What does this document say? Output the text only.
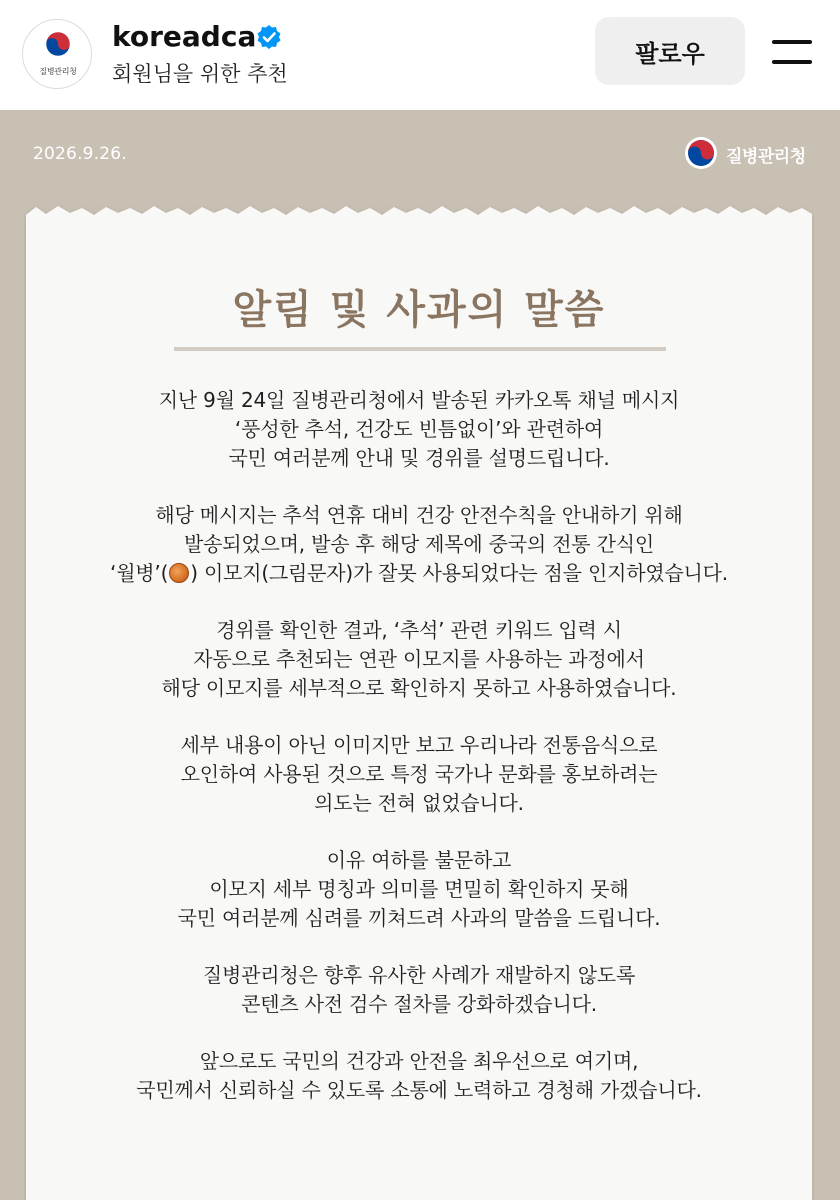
질병관리청
koreadca
회원님을 위한 추천
팔로우
2026.9.26.	질병관리청
알림 및 사과의 말씀
지난 9월 24일 질병관리청에서 발송된 카카오톡 채널 메시지
‘풍성한 추석, 건강도 빈틈없이’와 관련하여
국민 여러분께 안내 및 경위를 설명드립니다.
해당 메시지는 추석 연휴 대비 건강 안전수칙을 안내하기 위해
발송되었으며, 발송 후 해당 제목에 중국의 전통 간식인
‘월병’( ) 이모지(그림문자)가 잘못 사용되었다는 점을 인지하였습니다.
경위를 확인한 결과, ‘추석’ 관련 키워드 입력 시
자동으로 추천되는 연관 이모지를 사용하는 과정에서
해당 이모지를 세부적으로 확인하지 못하고 사용하였습니다.
세부 내용이 아닌 이미지만 보고 우리나라 전통음식으로
오인하여 사용된 것으로 특정 국가나 문화를 홍보하려는
의도는 전혀 없었습니다.
이유 여하를 불문하고
이모지 세부 명칭과 의미를 면밀히 확인하지 못해
국민 여러분께 심려를 끼쳐드려 사과의 말씀을 드립니다.
질병관리청은 향후 유사한 사례가 재발하지 않도록
콘텐츠 사전 검수 절차를 강화하겠습니다.
앞으로도 국민의 건강과 안전을 최우선으로 여기며,
국민께서 신뢰하실 수 있도록 소통에 노력하고 경청해 가겠습니다.
